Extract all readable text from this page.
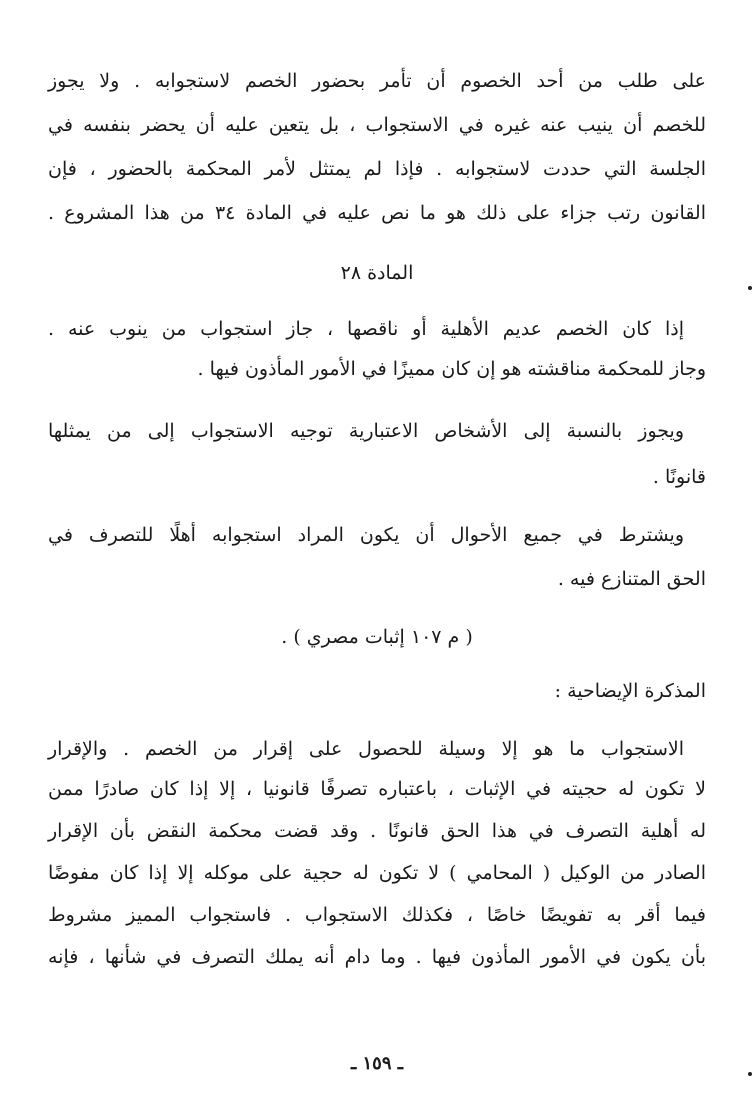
على طلب من أحد الخصوم أن تأمر بحضور الخصم لاستجوابه . ولا يجوز
للخصم أن ينيب عنه غيره في الاستجواب ، بل يتعين عليه أن يحضر بنفسه في
الجلسة التي حددت لاستجوابه . فإذا لم يمتثل لأمر المحكمة بالحضور ، فإن
القانون رتب جزاء على ذلك هو ما نص عليه في المادة ٣٤ من هذا المشروع .
المادة ٢٨
إذا كان الخصم عديم الأهلية أو ناقصها ، جاز استجواب من ينوب عنه .
وجاز للمحكمة مناقشته هو إن كان مميزًا في الأمور المأذون فيها .
ويجوز بالنسبة إلى الأشخاص الاعتبارية توجيه الاستجواب إلى من يمثلها
قانونًا .
ويشترط في جميع الأحوال أن يكون المراد استجوابه أهلًا للتصرف في
الحق المتنازع فيه .
( م ١٠٧ إثبات مصري ) .
المذكرة الإيضاحية :
الاستجواب ما هو إلا وسيلة للحصول على إقرار من الخصم . والإقرار
لا تكون له حجيته في الإثبات ، باعتباره تصرفًا قانونيا ، إلا إذا كان صادرًا ممن
له أهلية التصرف في هذا الحق قانونًا . وقد قضت محكمة النقض بأن الإقرار
الصادر من الوكيل ( المحامي ) لا تكون له حجية على موكله إلا إذا كان مفوضًا
فيما أقر به تفويضًا خاصًا ، فكذلك الاستجواب . فاستجواب المميز مشروط
بأن يكون في الأمور المأذون فيها . وما دام أنه يملك التصرف في شأنها ، فإنه
ـ ١٥٩ ـ
